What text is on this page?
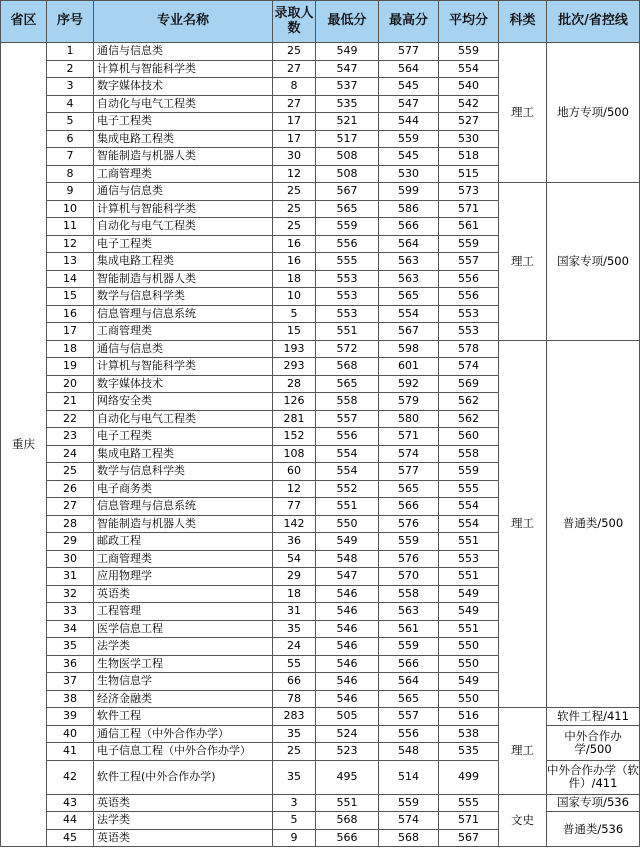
省区	序号	专业名称	录取人数	最低分	最高分	平均分	科类	批次/省控线
重庆	1	通信与信息类	25	549	577	559	理工	地方专项/500
	2	计算机与智能科学类	27	547	564	554		
	3	数字媒体技术	8	537	545	540		
	4	自动化与电气工程类	27	535	547	542		
	5	电子工程类	17	521	544	527		
	6	集成电路工程类	17	517	559	530		
	7	智能制造与机器人类	30	508	545	518		
	8	工商管理类	12	508	530	515		
	9	通信与信息类	25	567	599	573	理工	国家专项/500
	10	计算机与智能科学类	25	565	586	571		
	11	自动化与电气工程类	25	559	566	561		
	12	电子工程类	16	556	564	559		
	13	集成电路工程类	16	555	563	557		
	14	智能制造与机器人类	18	553	563	556		
	15	数学与信息科学类	10	553	565	556		
	16	信息管理与信息系统	5	553	554	553		
	17	工商管理类	15	551	567	553		
	18	通信与信息类	193	572	598	578	理工	普通类/500
	19	计算机与智能科学类	293	568	601	574		
	20	数字媒体技术	28	565	592	569		
	21	网络安全类	126	558	579	562		
	22	自动化与电气工程类	281	557	580	562		
	23	电子工程类	152	556	571	560		
	24	集成电路工程类	108	554	574	558		
	25	数学与信息科学类	60	554	577	559		
	26	电子商务类	12	552	565	555		
	27	信息管理与信息系统	77	551	566	554		
	28	智能制造与机器人类	142	550	576	554		
	29	邮政工程	36	549	559	551		
	30	工商管理类	54	548	576	553		
	31	应用物理学	29	547	570	551		
	32	英语类	18	546	558	549		
	33	工程管理	31	546	563	549		
	34	医学信息工程	35	546	561	551		
	35	法学类	24	546	559	550		
	36	生物医学工程	55	546	566	550		
	37	生物信息学	66	546	564	549		
	38	经济金融类	78	546	565	550		
	39	软件工程	283	505	557	516	理工	软件工程/411
	40	通信工程（中外合作办学）	35	524	556	538		中外合作办学/500
	41	电子信息工程（中外合作办学）	25	523	548	535		
	42	软件工程(中外合作办学)	35	495	514	499		中外合作办学（软件）/411
	43	英语类	3	551	559	555	文史	国家专项/536
	44	法学类	5	568	574	571		普通类/536
	45	英语类	9	566	568	567		
